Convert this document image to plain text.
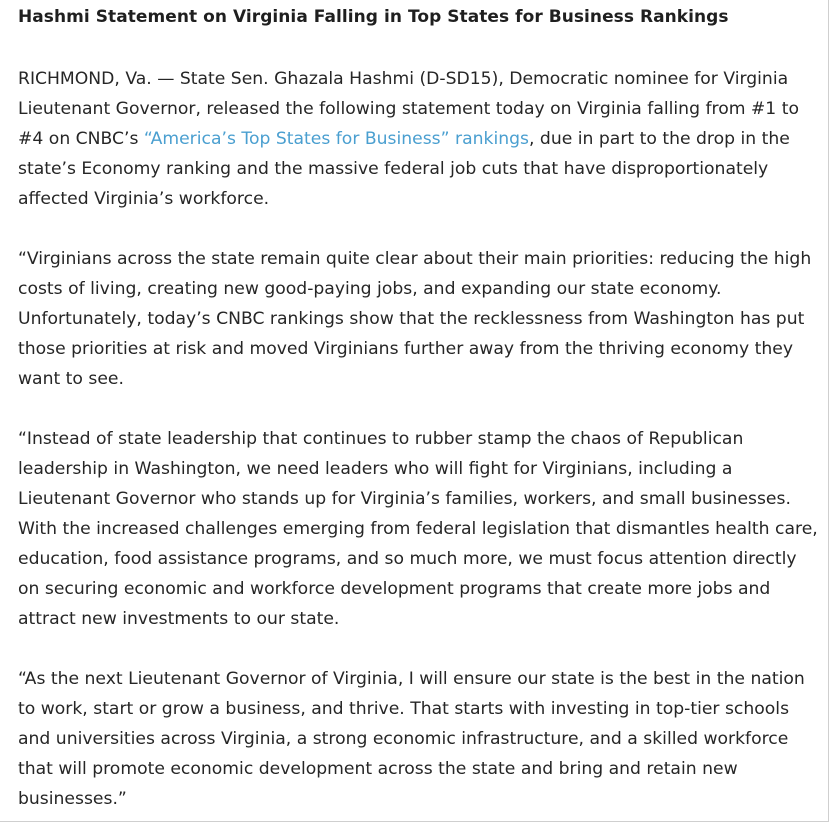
Hashmi Statement on Virginia Falling in Top States for Business Rankings

RICHMOND, Va. — State Sen. Ghazala Hashmi (D-SD15), Democratic nominee for Virginia Lieutenant Governor, released the following statement today on Virginia falling from #1 to #4 on CNBC’s “America’s Top States for Business” rankings, due in part to the drop in the state’s Economy ranking and the massive federal job cuts that have disproportionately affected Virginia’s workforce.

“Virginians across the state remain quite clear about their main priorities: reducing the high costs of living, creating new good-paying jobs, and expanding our state economy. Unfortunately, today’s CNBC rankings show that the recklessness from Washington has put those priorities at risk and moved Virginians further away from the thriving economy they want to see.

“Instead of state leadership that continues to rubber stamp the chaos of Republican leadership in Washington, we need leaders who will fight for Virginians, including a Lieutenant Governor who stands up for Virginia’s families, workers, and small businesses. With the increased challenges emerging from federal legislation that dismantles health care, education, food assistance programs, and so much more, we must focus attention directly on securing economic and workforce development programs that create more jobs and attract new investments to our state.

“As the next Lieutenant Governor of Virginia, I will ensure our state is the best in the nation to work, start or grow a business, and thrive. That starts with investing in top-tier schools and universities across Virginia, a strong economic infrastructure, and a skilled workforce that will promote economic development across the state and bring and retain new businesses.”
